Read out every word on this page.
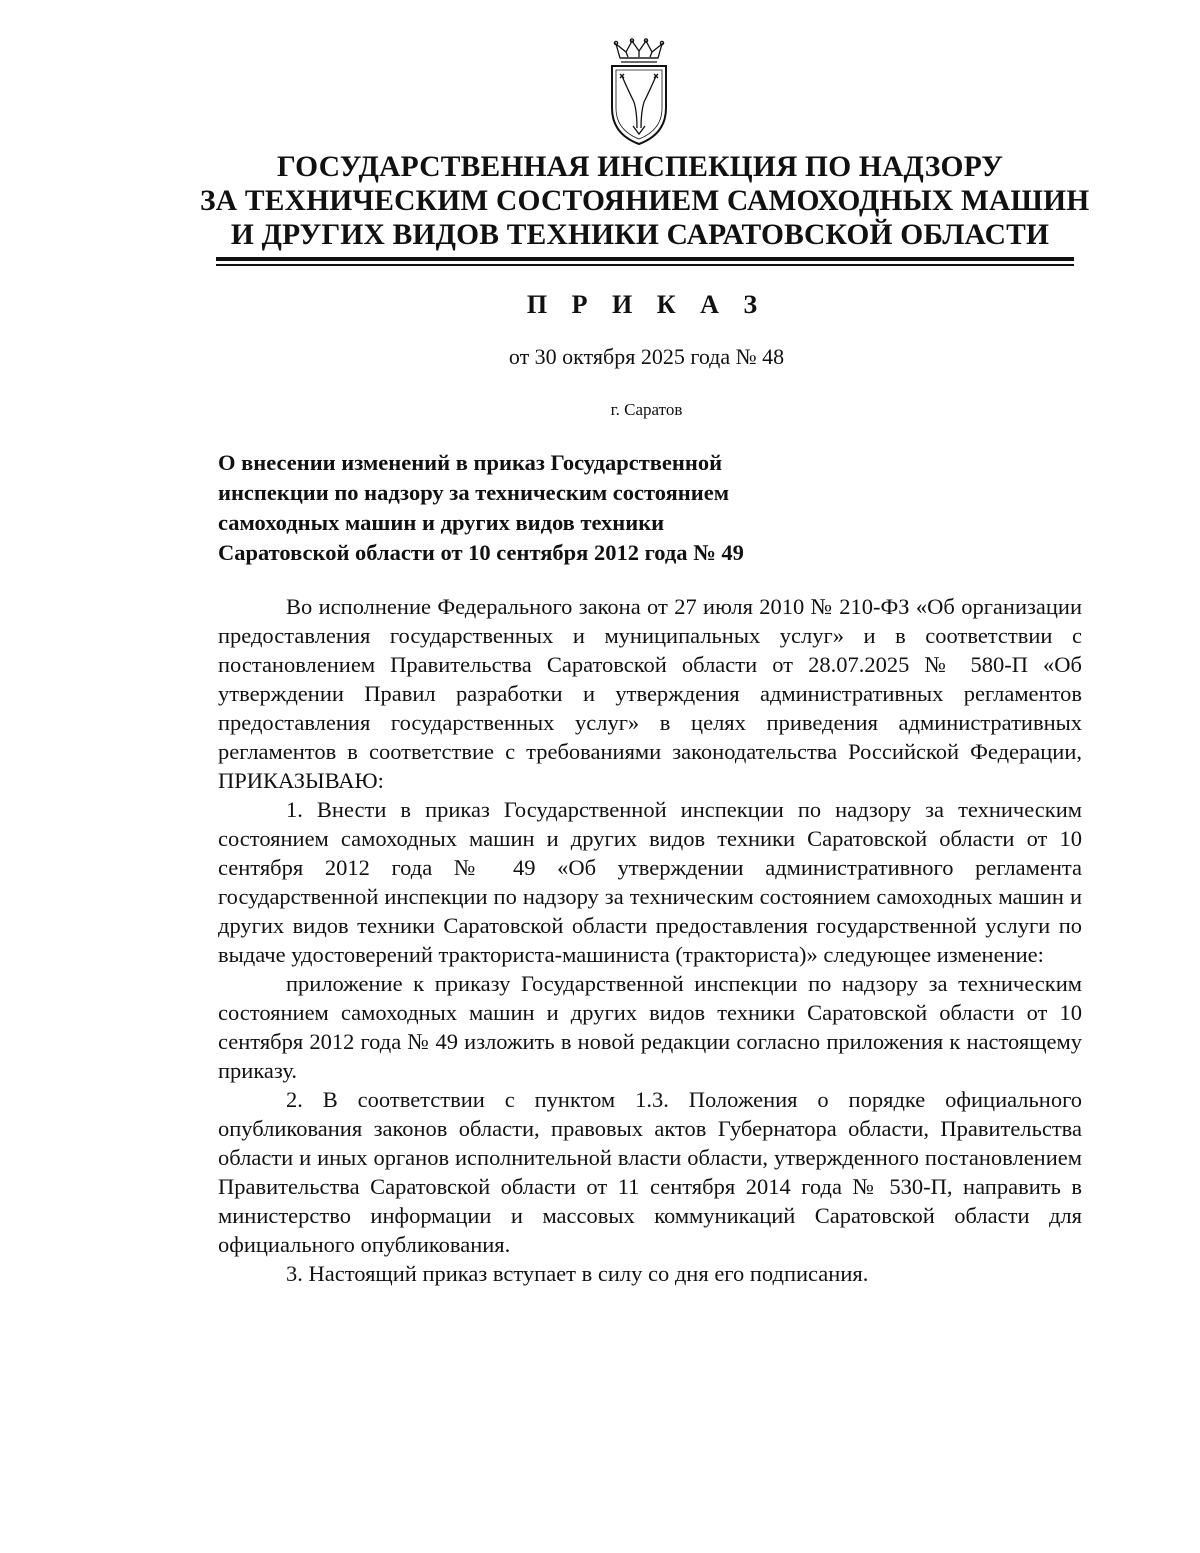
ГОСУДАРСТВЕННАЯ ИНСПЕКЦИЯ ПО НАДЗОРУ
ЗА ТЕХНИЧЕСКИМ СОСТОЯНИЕМ САМОХОДНЫХ МАШИН
И ДРУГИХ ВИДОВ ТЕХНИКИ САРАТОВСКОЙ ОБЛАСТИ
П Р И К А З
от 30 октября 2025 года № 48
г. Саратов
О внесении изменений в приказ Государственной
инспекции по надзору за техническим состоянием
самоходных машин и других видов техники
Саратовской области от 10 сентября 2012 года № 49

Во исполнение Федерального закона от 27 июля 2010 № 210-ФЗ «Об организации предоставления государственных и муниципальных услуг» и в соответствии с постановлением Правительства Саратовской области от 28.07.2025 № 580-П «Об утверждении Правил разработки и утверждения административных регламентов предоставления государственных услуг» в целях приведения административных регламентов в соответствие с требованиями законодательства Российской Федерации, ПРИКАЗЫВАЮ:

1. Внести в приказ Государственной инспекции по надзору за техническим состоянием самоходных машин и других видов техники Саратовской области от 10 сентября 2012 года № 49 «Об утверждении административного регламента государственной инспекции по надзору за техническим состоянием самоходных машин и других видов техники Саратовской области предоставления государственной услуги по выдаче удостоверений тракториста-машиниста (тракториста)» следующее изменение:

приложение к приказу Государственной инспекции по надзору за техническим состоянием самоходных машин и других видов техники Саратовской области от 10 сентября 2012 года № 49 изложить в новой редакции согласно приложения к настоящему приказу.

2. В соответствии с пунктом 1.3. Положения о порядке официального опубликования законов области, правовых актов Губернатора области, Правительства области и иных органов исполнительной власти области, утвержденного постановлением Правительства Саратовской области от 11 сентября 2014 года № 530-П, направить в министерство информации и массовых коммуникаций Саратовской области для официального опубликования.

3. Настоящий приказ вступает в силу со дня его подписания.
